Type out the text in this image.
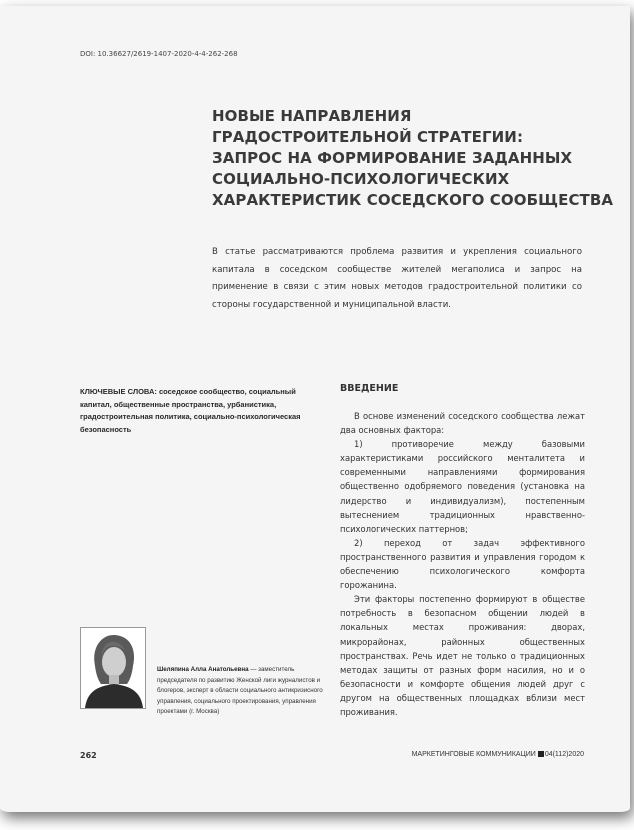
DOI: 10.36627/2619-1407-2020-4-4-262-268
НОВЫЕ НАПРАВЛЕНИЯ
ГРАДОСТРОИТЕЛЬНОЙ СТРАТЕГИИ:
ЗАПРОС НА ФОРМИРОВАНИЕ ЗАДАННЫХ
СОЦИАЛЬНО-ПСИХОЛОГИЧЕСКИХ
ХАРАКТЕРИСТИК СОСЕДСКОГО СООБЩЕСТВА

В статье рассматриваются проблема развития и укрепления социального капитала в соседском сообществе жителей мегаполиса и запрос на применение в связи с этим новых методов градостроительной политики со стороны государственной и муниципальной власти.

КЛЮЧЕВЫЕ СЛОВА: соседское сообщество, социальный капитал, общественные пространства, урбанистика, градостроительная политика, социально-психологическая безопасность

ВВЕДЕНИЕ

В основе изменений соседского сообщества лежат два основных фактора:

1) противоречие между базовыми характеристиками российского менталитета и современными направлениями формирования общественно одобряемого поведения (установка на лидерство и индивидуализм), постепенным вытеснением традиционных нравственно-психологических паттернов;

2) переход от задач эффективного пространственного развития и управления городом к обеспечению психологического комфорта горожанина.

Эти факторы постепенно формируют в обществе потребность в безопасном общении людей в локальных местах проживания: дворах, микрорайонах, районных общественных пространствах. Речь идет не только о традиционных методах защиты от разных форм насилия, но и о безопасности и комфорте общения людей друг с другом на общественных площадках вблизи мест проживания.

Шеляпина Алла Анатольевна — заместитель председателя по развитию Женской лиги журналистов и блогеров, эксперт в области социального антикризисного управления, социального проектирования, управления проектами (г. Москва)

262	МАРКЕТИНГОВЫЕ КОММУНИКАЦИИ 04(112)2020
